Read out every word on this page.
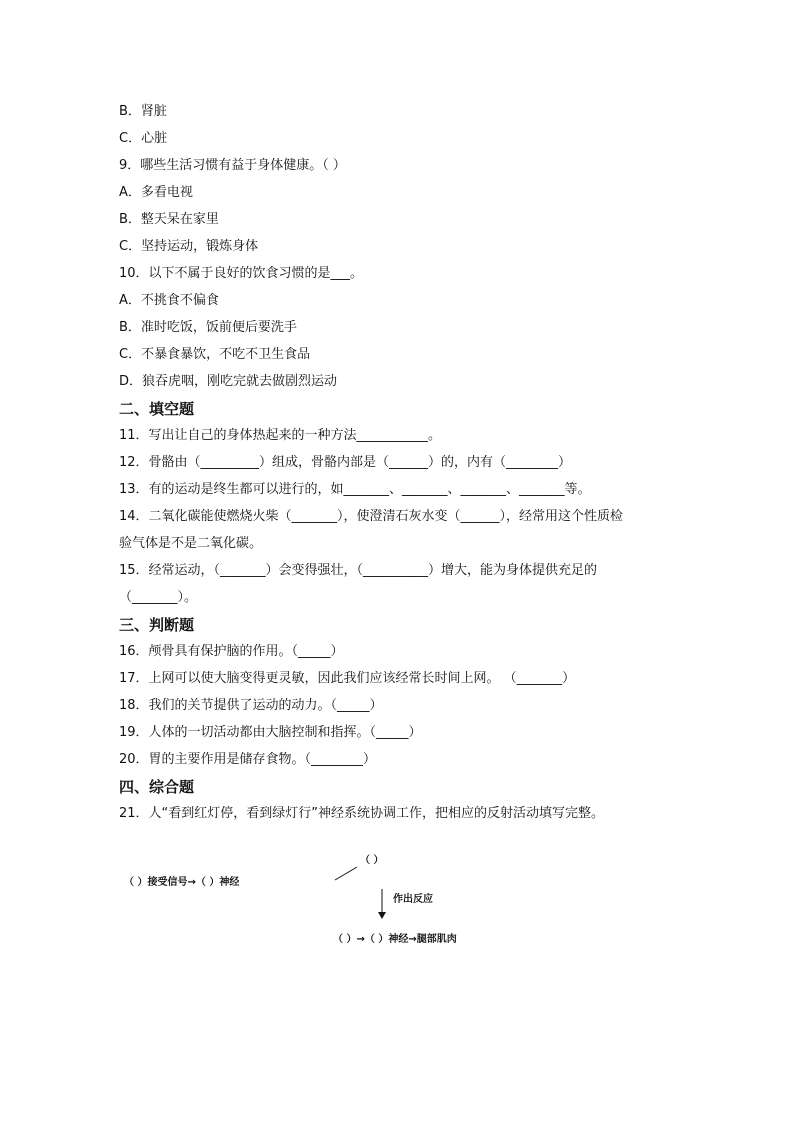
B．肾脏
C．心脏
9．哪些生活习惯有益于身体健康。（ ）
A．多看电视
B．整天呆在家里
C．坚持运动，锻炼身体
10．以下不属于良好的饮食习惯的是___。
A．不挑食不偏食
B．准时吃饭，饭前便后要洗手
C．不暴食暴饮，不吃不卫生食品
D．狼吞虎咽，刚吃完就去做剧烈运动
二、填空题
11．写出让自己的身体热起来的一种方法___________。
12．骨骼由（_________）组成，骨骼内部是（______）的，内有（________）
13．有的运动是终生都可以进行的，如_______、_______、_______、_______等。
14．二氧化碳能使燃烧火柴（_______），使澄清石灰水变（______），经常用这个性质检
验气体是不是二氧化碳。
15．经常运动，（_______）会变得强壮，（__________）增大，能为身体提供充足的
（_______）。
三、判断题
16．颅骨具有保护脑的作用。（_____）
17．上网可以使大脑变得更灵敏，因此我们应该经常长时间上网。 （_______）
18．我们的关节提供了运动的动力。（_____）
19．人体的一切活动都由大脑控制和指挥。（_____）
20．胃的主要作用是储存食物。（________）
四、综合题
21．人“看到红灯停，看到绿灯行”神经系统协调工作，把相应的反射活动填写完整。
（ ）
（ ）接受信号→（ ）神经
作出反应
（ ）→（ ）神经→腿部肌肉
